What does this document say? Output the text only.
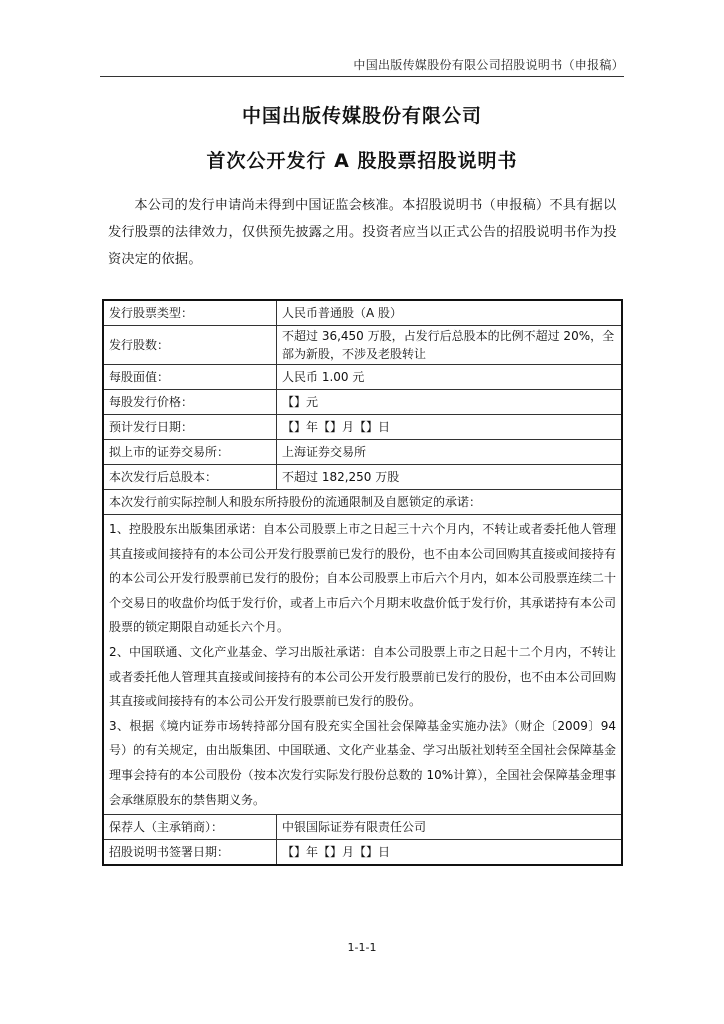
中国出版传媒股份有限公司招股说明书（申报稿）
中国出版传媒股份有限公司
首次公开发行 A 股股票招股说明书

本公司的发行申请尚未得到中国证监会核准。本招股说明书（申报稿）不具有据以发行股票的法律效力，仅供预先披露之用。投资者应当以正式公告的招股说明书作为投资决定的依据。

发行股票类型：	人民币普通股（A 股）
发行股数：	不超过 36,450 万股，占发行后总股本的比例不超过 20%，全部为新股，不涉及老股转让
每股面值：	人民币 1.00 元
每股发行价格：	【】元
预计发行日期：	【】年【】月【】日
拟上市的证券交易所：	上海证券交易所
本次发行后总股本：	不超过 182,250 万股
本次发行前实际控制人和股东所持股份的流通限制及自愿锁定的承诺：	

1、控股股东出版集团承诺：自本公司股票上市之日起三十六个月内，不转让或者委托他人管理其直接或间接持有的本公司公开发行股票前已发行的股份，也不由本公司回购其直接或间接持有的本公司公开发行股票前已发行的股份；自本公司股票上市后六个月内，如本公司股票连续二十个交易日的收盘价均低于发行价，或者上市后六个月期末收盘价低于发行价，其承诺持有本公司股票的锁定期限自动延长六个月。
2、中国联通、文化产业基金、学习出版社承诺：自本公司股票上市之日起十二个月内，不转让或者委托他人管理其直接或间接持有的本公司公开发行股票前已发行的股份，也不由本公司回购其直接或间接持有的本公司公开发行股票前已发行的股份。
3、根据《境内证券市场转持部分国有股充实全国社会保障基金实施办法》（财企〔2009〕94 号）的有关规定，由出版集团、中国联通、文化产业基金、学习出版社划转至全国社会保障基金理事会持有的本公司股份（按本次发行实际发行股份总数的 10%计算），全国社会保障基金理事会承继原股东的禁售期义务。	

保荐人（主承销商）：	中银国际证券有限责任公司
招股说明书签署日期：	【】年【】月【】日
1-1-1
